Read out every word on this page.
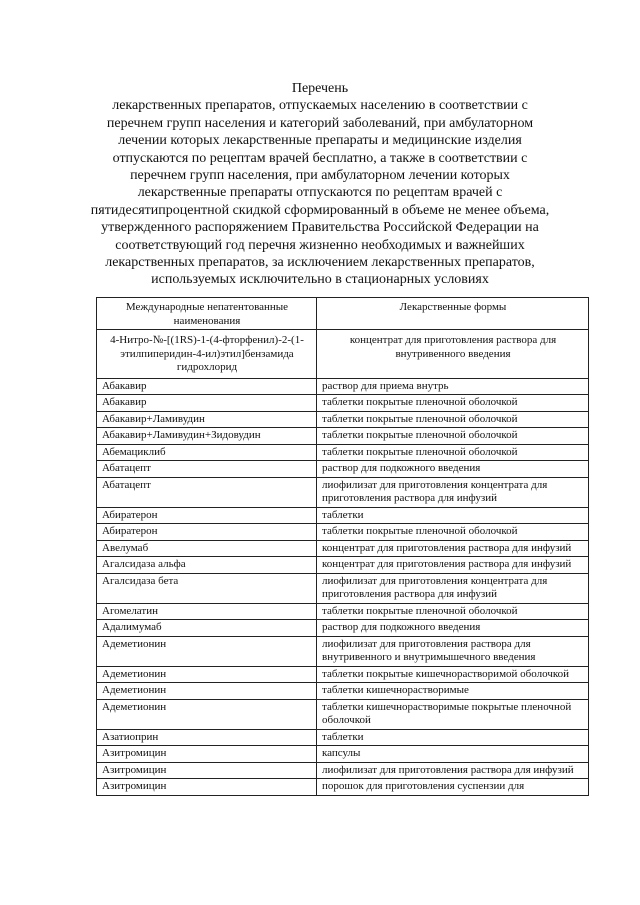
Перечень

лекарственных препаратов, отпускаемых населению в соответствии с

перечнем групп населения и категорий заболеваний, при амбулаторном

лечении которых лекарственные препараты и медицинские изделия

отпускаются по рецептам врачей бесплатно, а также в соответствии с

перечнем групп населения, при амбулаторном лечении которых

лекарственные препараты отпускаются по рецептам врачей с

пятидесятипроцентной скидкой сформированный в объеме не менее объема,

утвержденного распоряжением Правительства Российской Федерации на

соответствующий год перечня жизненно необходимых и важнейших

лекарственных препаратов, за исключением лекарственных препаратов,

используемых исключительно в стационарных условиях

Международные непатентованные наименования	Лекарственные формы
4-Нитро-№-[(1RS)-1-(4-фторфенил)-2-(1-этилпиперидин-4-ил)этил]бензамида гидрохлорид	концентрат для приготовления раствора для внутривенного введения
Абакавир	раствор для приема внутрь
Абакавир	таблетки покрытые пленочной оболочкой
Абакавир+Ламивудин	таблетки покрытые пленочной оболочкой
Абакавир+Ламивудин+Зидовудин	таблетки покрытые пленочной оболочкой
Абемациклиб	таблетки покрытые пленочной оболочкой
Абатацепт	раствор для подкожного введения
Абатацепт	лиофилизат для приготовления концентрата для приготовления раствора для инфузий
Абиратерон	таблетки
Абиратерон	таблетки покрытые пленочной оболочкой
Авелумаб	концентрат для приготовления раствора для инфузий
Агалсидаза альфа	концентрат для приготовления раствора для инфузий
Агалсидаза бета	лиофилизат для приготовления концентрата для приготовления раствора для инфузий
Агомелатин	таблетки покрытые пленочной оболочкой
Адалимумаб	раствор для подкожного введения
Адеметионин	лиофилизат для приготовления раствора для внутривенного и внутримышечного введения
Адеметионин	таблетки покрытые кишечнорастворимой оболочкой
Адеметионин	таблетки кишечнорастворимые
Адеметионин	таблетки кишечнорастворимые покрытые пленочной оболочкой
Азатиоприн	таблетки
Азитромицин	капсулы
Азитромицин	лиофилизат для приготовления раствора для инфузий
Азитромицин	порошок для приготовления суспензии для
